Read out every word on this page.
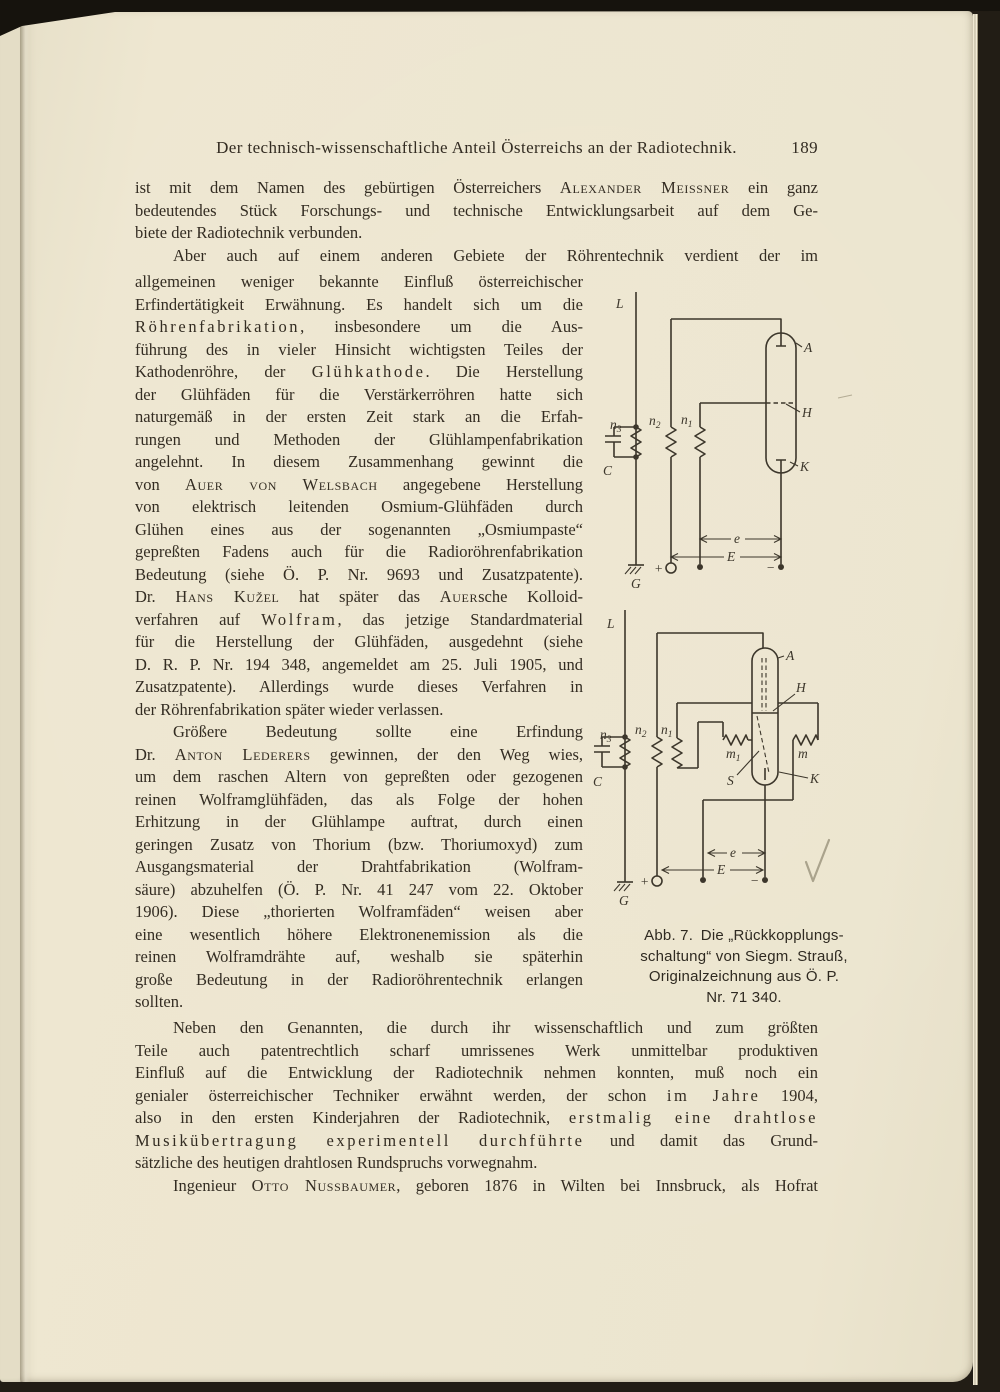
Der technisch-wissenschaftliche Anteil Österreichs an der Radiotechnik.	189
ist mit dem Namen des gebürtigen Österreichers Alexander Meissner ein ganz
bedeutendes Stück Forschungs- und technische Entwicklungsarbeit auf dem Ge-
biete der Radiotechnik verbunden.
Aber auch auf einem anderen Gebiete der Röhrentechnik verdient der im
allgemeinen weniger bekannte Einfluß österreichischer
Erfindertätigkeit Erwähnung. Es handelt sich um die
Röhrenfabrikation, insbesondere um die Aus-
führung des in vieler Hinsicht wichtigsten Teiles der
Kathodenröhre, der Glühkathode. Die Herstellung
der Glühfäden für die Verstärkerröhren hatte sich
naturgemäß in der ersten Zeit stark an die Erfah-
rungen und Methoden der Glühlampenfabrikation
angelehnt. In diesem Zusammenhang gewinnt die
von Auer von Welsbach angegebene Herstellung
von elektrisch leitenden Osmium-Glühfäden durch
Glühen eines aus der sogenannten „Osmiumpaste“
gepreßten Fadens auch für die Radioröhrenfabrikation
Bedeutung (siehe Ö. P. Nr. 9693 und Zusatzpatente).
Dr. Hans Kužel hat später das Auersche Kolloid-
verfahren auf Wolfram, das jetzige Standardmaterial
für die Herstellung der Glühfäden, ausgedehnt (siehe
D. R. P. Nr. 194 348, angemeldet am 25. Juli 1905, und
Zusatzpatente). Allerdings wurde dieses Verfahren in
der Röhrenfabrikation später wieder verlassen.
Größere Bedeutung sollte eine Erfindung
Dr. Anton Lederers gewinnen, der den Weg wies,
um dem raschen Altern von gepreßten oder gezogenen
reinen Wolframglühfäden, das als Folge der hohen
Erhitzung in der Glühlampe auftrat, durch einen
geringen Zusatz von Thorium (bzw. Thoriumoxyd) zum
Ausgangsmaterial der Drahtfabrikation (Wolfram-
säure) abzuhelfen (Ö. P. Nr. 41 247 vom 22. Oktober
1906). Diese „thorierten Wolframfäden“ weisen aber
eine wesentlich höhere Elektronenemission als die
reinen Wolframdrähte auf, weshalb sie späterhin
große Bedeutung in der Radioröhrentechnik erlangen
sollten.
Neben den Genannten, die durch ihr wissenschaftlich und zum größten
Teile auch patentrechtlich scharf umrissenes Werk unmittelbar produktiven
Einfluß auf die Entwicklung der Radiotechnik nehmen konnten, muß noch ein
genialer österreichischer Techniker erwähnt werden, der schon im Jahre 1904,
also in den ersten Kinderjahren der Radiotechnik, erstmalig eine drahtlose
Musikübertragung experimentell durchführte und damit das Grund-
sätzliche des heutigen drahtlosen Rundspruchs vorwegnahm.
Ingenieur Otto Nussbaumer, geboren 1876 in Wilten bei Innsbruck, als Hofrat
Abb. 7. Die „Rückkopplungs-
schaltung“ von Siegm. Strauß,
Originalzeichnung aus Ö. P.
Nr. 71 340.
L
G
$n_3$
C
$n_2$ $n_1$
A
H
K
e
E
+	−
L
G
$n_3$
C
$n_2$ $n_1$
$m_1$	m
A
H
K
S
e
E
+	−
